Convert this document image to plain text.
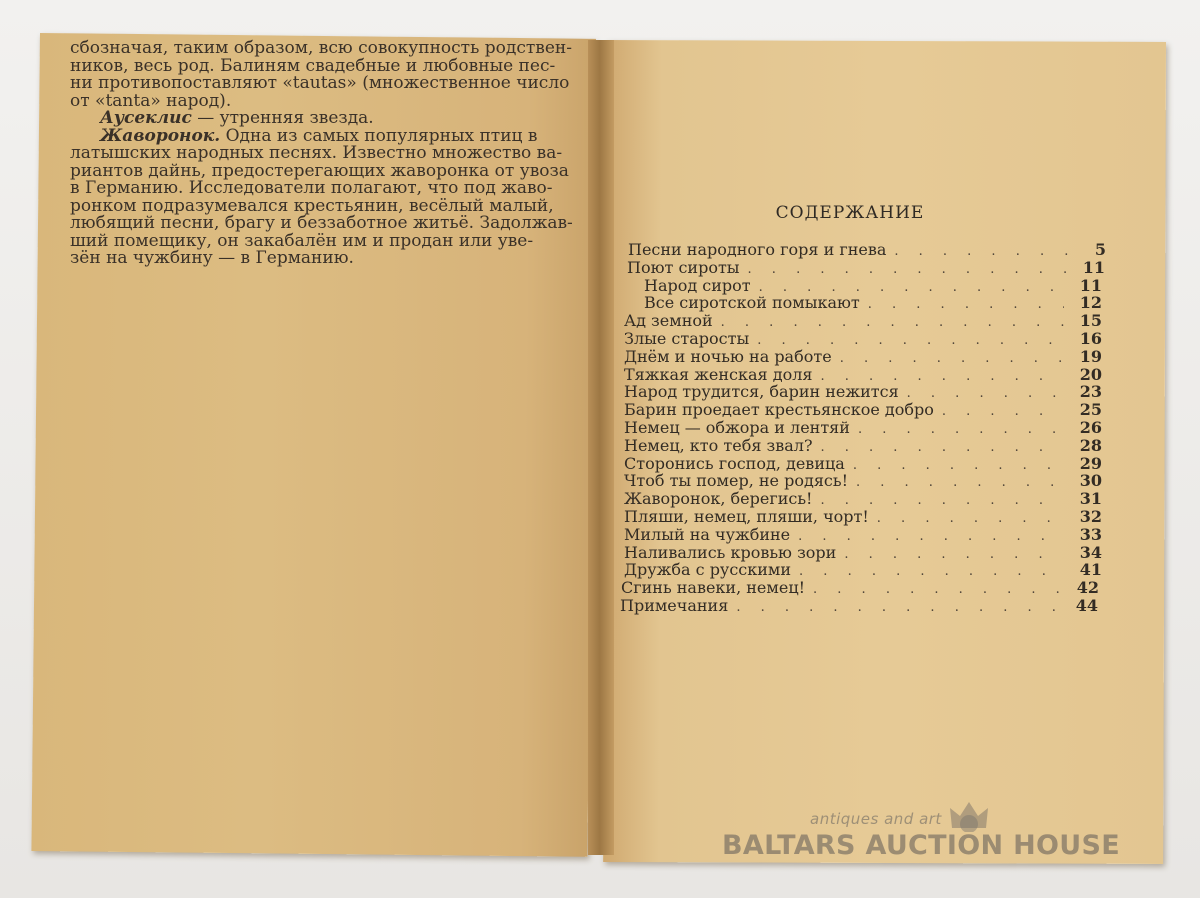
сбозначая, таким образом, всю совокупность родствен-
ников, весь род. Балиням свадебные и любовные пес-
ни противопоставляют «tautas» (множественное число
от «tanta» народ).

Аусеклис — утренняя звезда.

Жаворонок. Одна из самых популярных птиц в
латышских народных песнях. Известно множество ва-
риантов дайнь, предостерегающих жаворонка от увоза
в Германию. Исследователи полагают, что под жаво-
ронком подразумевался крестьянин, весёлый малый,
любящий песни, брагу и беззаботное житьё. Задолжав-
ший помещику, он закабалён им и продан или уве-
зён на чужбину — в Германию.

СОДЕРЖАНИЕ
Песни народного горя и гнева . . .	5
Поют сироты . . .	11
Народ сирот . . .	11
Все сиротской помыкают . . .	12
Ад земной . . .	15
Злые старосты . . .	16
Днём и ночью на работе . . .	19
Тяжкая женская доля . . .	20
Народ трудится, барин нежится . . .	23
Барин проедает крестьянское добро . . .	25
Немец — обжора и лентяй . . .	26
Немец, кто тебя звал? . . .	28
Сторонись господ, девица . . .	29
Чтоб ты помер, не родясь! . . .	30
Жаворонок, берегись! . . .	31
Пляши, немец, пляши, чорт! . . .	32
Милый на чужбине . . .	33
Наливались кровью зори . . .	34
Дружба с русскими . . .	41
Сгинь навеки, немец! . . .	42
Примечания . . .	44
antiques and art
BALTARS AUCTION HOUSE
